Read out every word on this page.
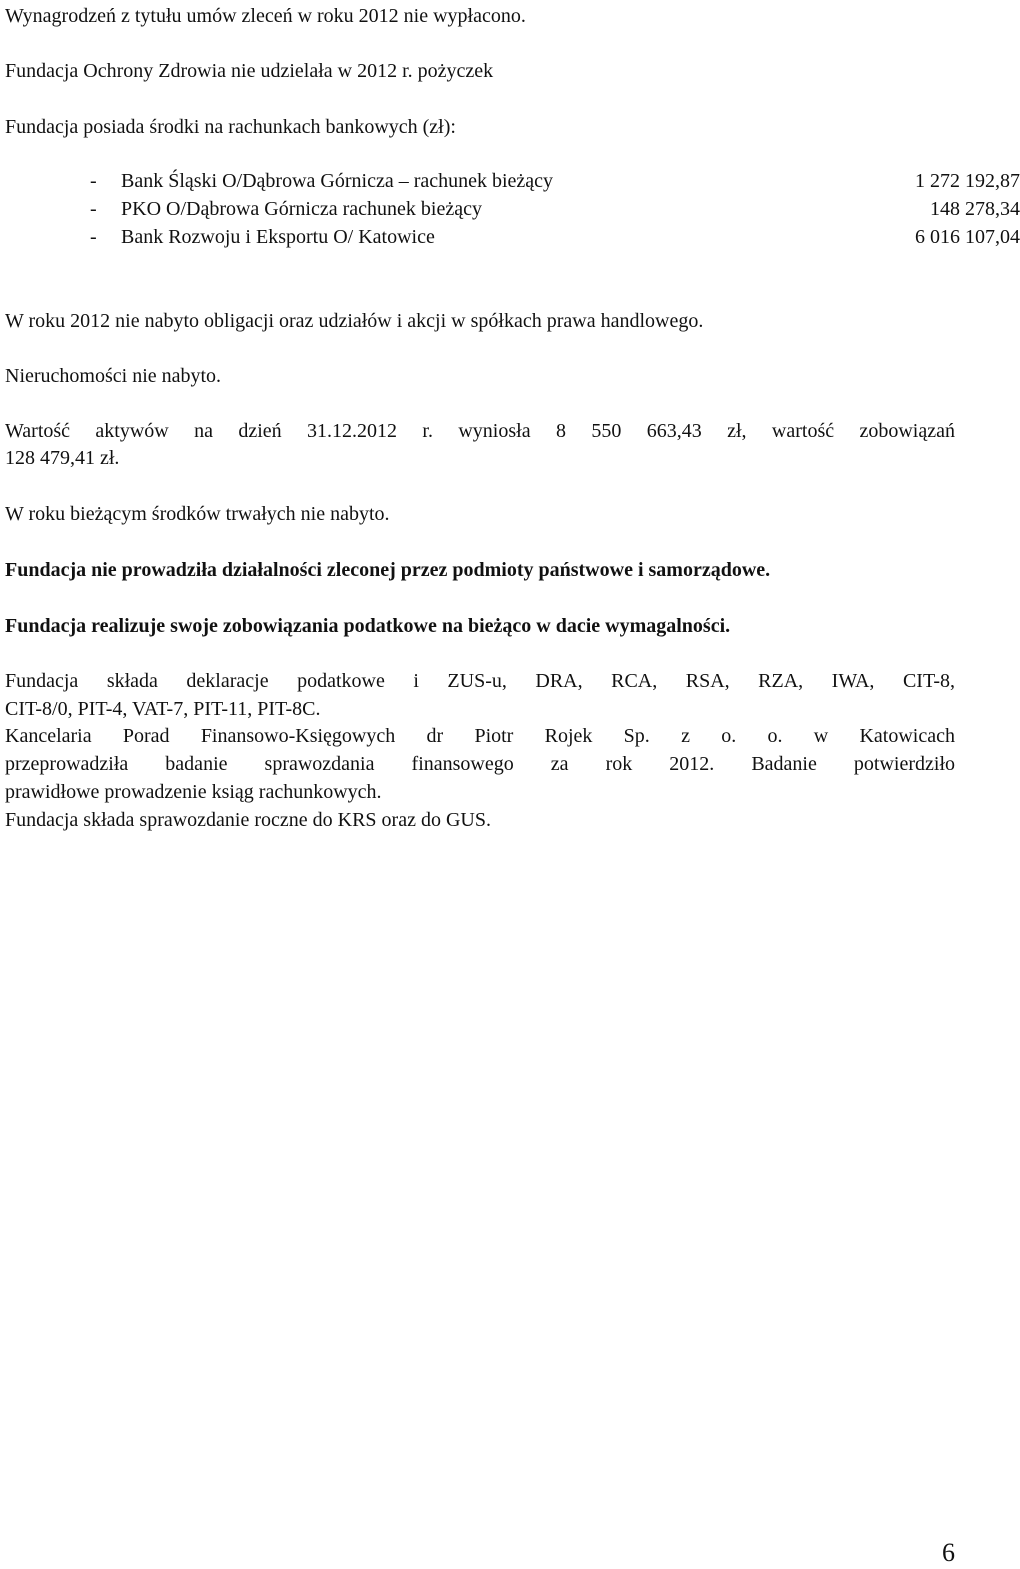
Wynagrodzeń z tytułu umów zleceń w roku 2012 nie wypłacono.
Fundacja Ochrony Zdrowia nie udzielała w 2012 r. pożyczek
Fundacja posiada środki na rachunkach bankowych (zł):
- Bank Śląski O/Dąbrowa Górnicza – rachunek bieżący	1 272 192,87
- PKO O/Dąbrowa Górnicza rachunek bieżący	148 278,34
- Bank Rozwoju i Eksportu O/ Katowice	6 016 107,04
W roku 2012 nie nabyto obligacji oraz udziałów i akcji w spółkach prawa handlowego.
Nieruchomości nie nabyto.
Wartość aktywów na dzień 31.12.2012 r. wyniosła 8 550 663,43 zł, wartość zobowiązań
128 479,41 zł.
W roku bieżącym środków trwałych nie nabyto.
Fundacja nie prowadziła działalności zleconej przez podmioty państwowe i samorządowe.
Fundacja realizuje swoje zobowiązania podatkowe na bieżąco w dacie wymagalności.
Fundacja składa deklaracje podatkowe i ZUS-u, DRA, RCA, RSA, RZA, IWA, CIT-8,
CIT-8/0, PIT-4, VAT-7, PIT-11, PIT-8C.
Kancelaria Porad Finansowo-Księgowych dr Piotr Rojek Sp. z o. o. w Katowicach
przeprowadziła badanie sprawozdania finansowego za rok 2012. Badanie potwierdziło
prawidłowe prowadzenie ksiąg rachunkowych.
Fundacja składa sprawozdanie roczne do KRS oraz do GUS.
6
